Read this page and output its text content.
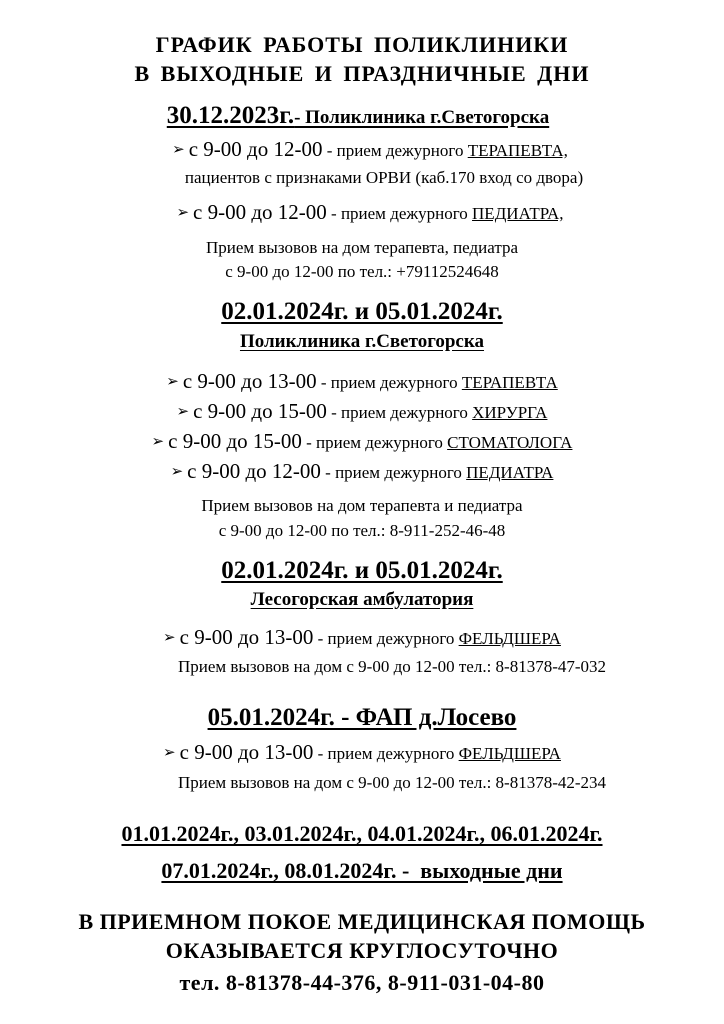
ГРАФИК РАБОТЫ ПОЛИКЛИНИКИ
В ВЫХОДНЫЕ И ПРАЗДНИЧНЫЕ ДНИ
30.12.2023г.- Поликлиника г.Светогорска
➢ с 9-00 до 12-00 - прием дежурного ТЕРАПЕВТА,
пациентов с признаками ОРВИ (каб.170 вход со двора)
➢ с 9-00 до 12-00 - прием дежурного ПЕДИАТРА,
Прием вызовов на дом терапевта, педиатра
с 9-00 до 12-00 по тел.: +79112524648
02.01.2024г. и 05.01.2024г.
Поликлиника г.Светогорска
➢ с 9-00 до 13-00 - прием дежурного ТЕРАПЕВТА
➢ с 9-00 до 15-00 - прием дежурного ХИРУРГА
➢ с 9-00 до 15-00 - прием дежурного СТОМАТОЛОГА
➢ с 9-00 до 12-00 - прием дежурного ПЕДИАТРА
Прием вызовов на дом терапевта и педиатра
с 9-00 до 12-00 по тел.: 8-911-252-46-48
02.01.2024г. и 05.01.2024г.
Лесогорская амбулатория
➢ с 9-00 до 13-00 - прием дежурного ФЕЛЬДШЕРА
Прием вызовов на дом с 9-00 до 12-00 тел.: 8-81378-47-032
05.01.2024г. - ФАП д.Лосево
➢ с 9-00 до 13-00 - прием дежурного ФЕЛЬДШЕРА
Прием вызовов на дом с 9-00 до 12-00 тел.: 8-81378-42-234
01.01.2024г., 03.01.2024г., 04.01.2024г., 06.01.2024г.
07.01.2024г., 08.01.2024г. -  выходные дни
В ПРИЕМНОМ ПОКОЕ МЕДИЦИНСКАЯ ПОМОЩЬ
ОКАЗЫВАЕТСЯ КРУГЛОСУТОЧНО
тел. 8-81378-44-376, 8-911-031-04-80
